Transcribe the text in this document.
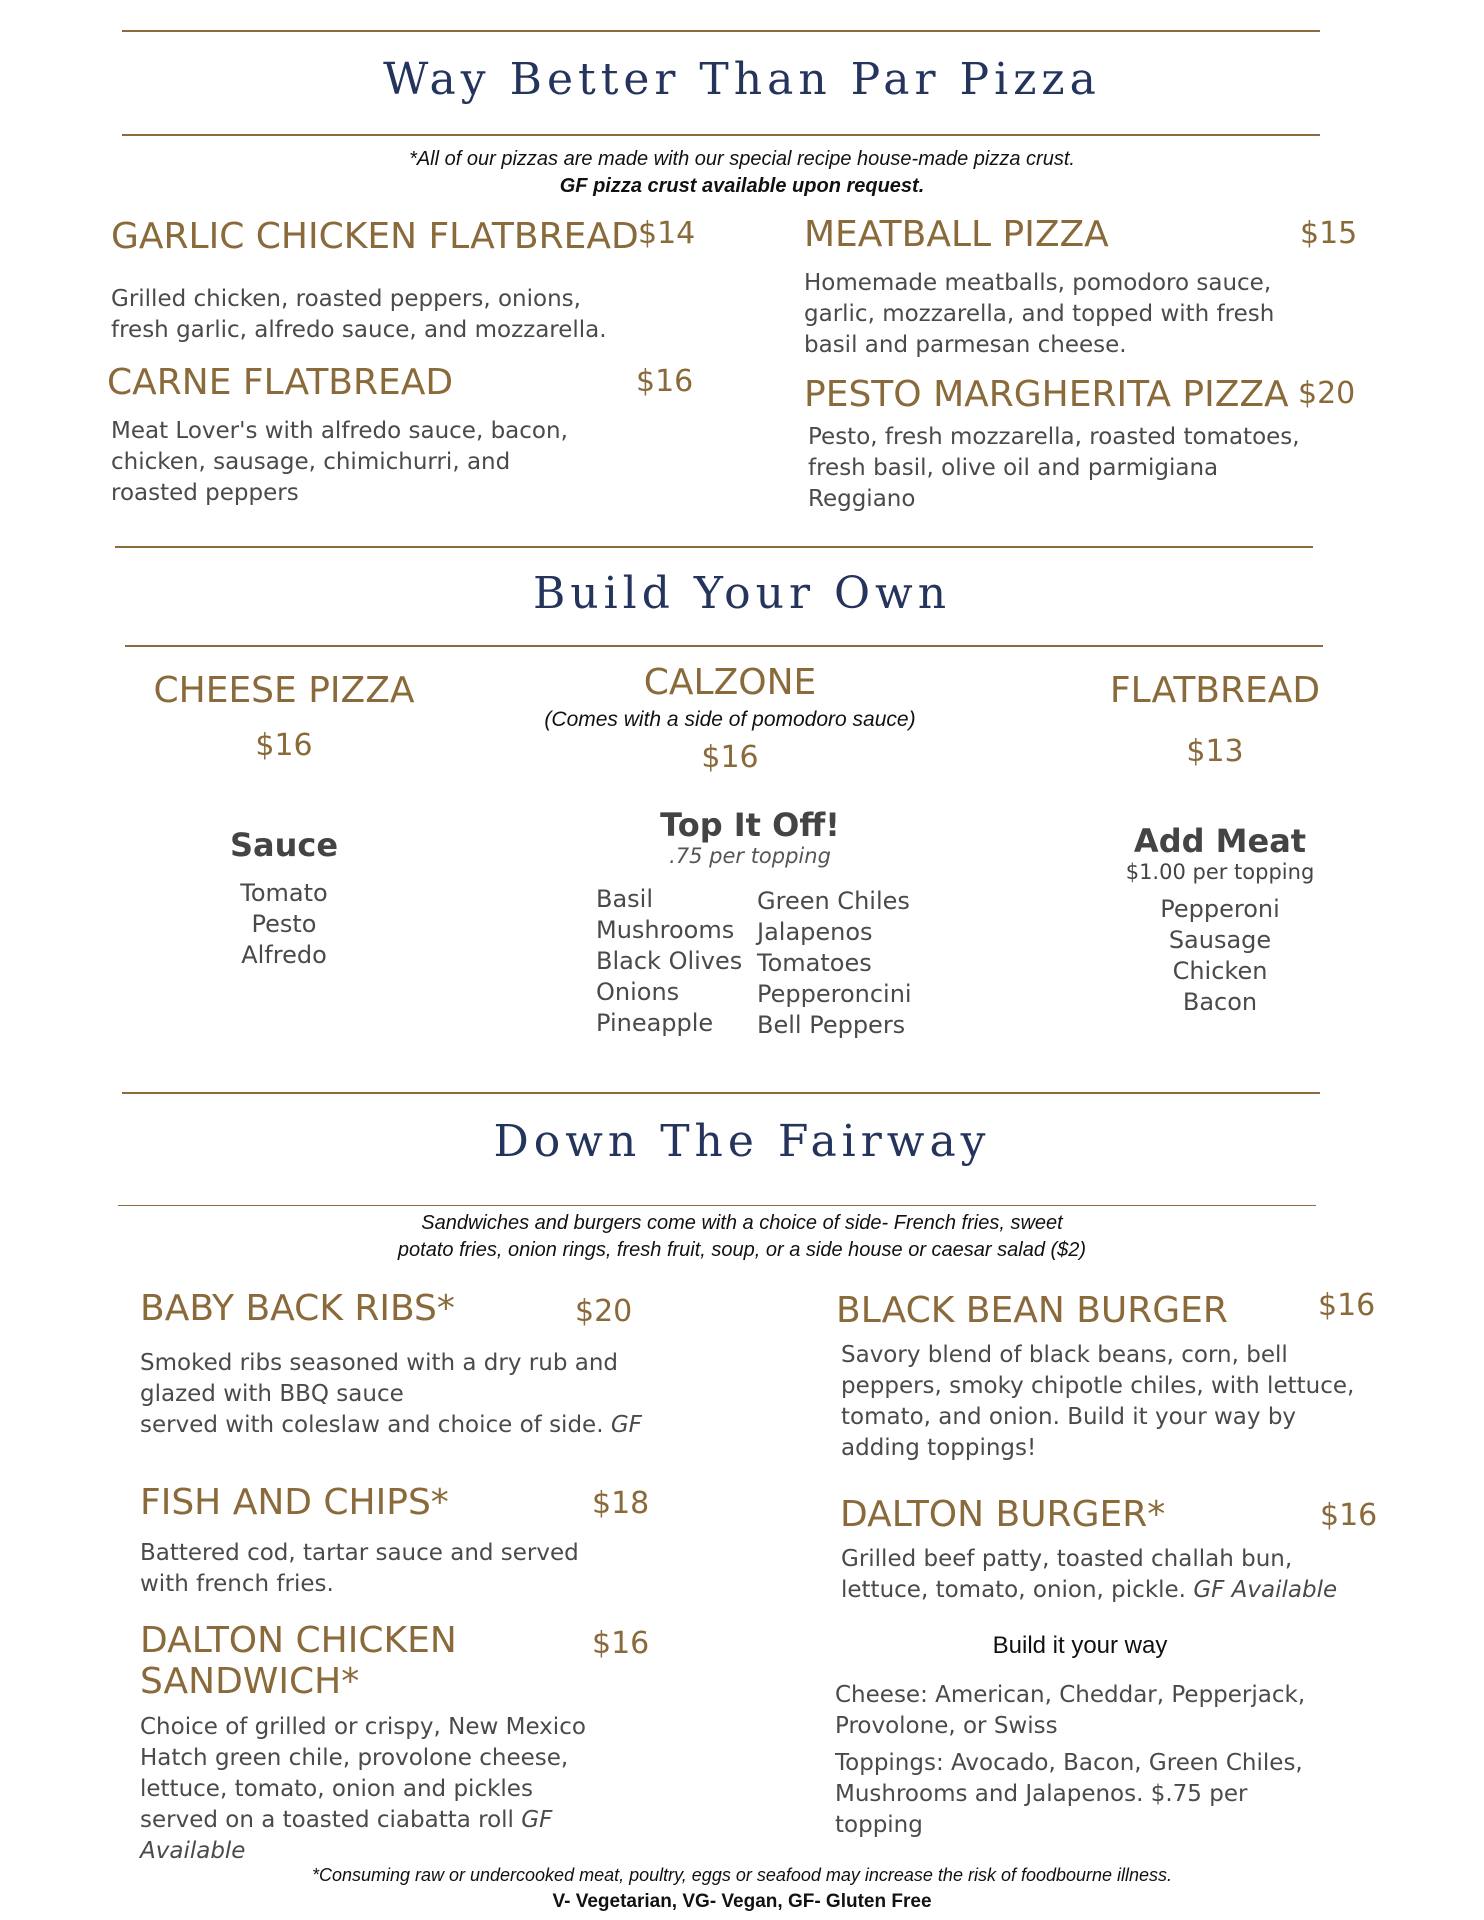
Way Better Than Par Pizza
*All of our pizzas are made with our special recipe house-made pizza crust.
GF pizza crust available upon request.
GARLIC CHICKEN FLATBREAD $14
Grilled chicken, roasted peppers, onions, fresh garlic, alfredo sauce, and mozzarella.
CARNE FLATBREAD	$16
Meat Lover's with alfredo sauce, bacon, chicken, sausage, chimichurri, and roasted peppers
MEATBALL PIZZA	$15
Homemade meatballs, pomodoro sauce, garlic, mozzarella, and topped with fresh basil and parmesan cheese.
PESTO MARGHERITA PIZZA $20
Pesto, fresh mozzarella, roasted tomatoes, fresh basil, olive oil and parmigiana Reggiano
Build Your Own
CHEESE PIZZA
$16
CALZONE
(Comes with a side of pomodoro sauce)
$16
FLATBREAD
$13
Sauce
Tomato
Pesto
Alfredo
Top It Off!
.75 per topping
Basil
Mushrooms
Black Olives
Onions
Pineapple
Green Chiles
Jalapenos
Tomatoes
Pepperoncini
Bell Peppers
Add Meat
$1.00 per topping
Pepperoni
Sausage
Chicken
Bacon
Down The Fairway
Sandwiches and burgers come with a choice of side- French fries, sweet
potato fries, onion rings, fresh fruit, soup, or a side house or caesar salad ($2)
BABY BACK RIBS*	$20
Smoked ribs seasoned with a dry rub and
glazed with BBQ sauce
served with coleslaw and choice of side. GF
FISH AND CHIPS*	$18
Battered cod, tartar sauce and served with french fries.
DALTON CHICKEN
SANDWICH*
$16
Choice of grilled or crispy, New Mexico Hatch green chile, provolone cheese, lettuce, tomato, onion and pickles served on a toasted ciabatta roll GF Available
BLACK BEAN BURGER	$16
Savory blend of black beans, corn, bell peppers, smoky chipotle chiles, with lettuce, tomato, and onion. Build it your way by adding toppings!
DALTON BURGER*	$16
Grilled beef patty, toasted challah bun, lettuce, tomato, onion, pickle. GF Available
Build it your way
Cheese: American, Cheddar, Pepperjack, Provolone, or Swiss
Toppings: Avocado, Bacon, Green Chiles, Mushrooms and Jalapenos. $.75 per topping
*Consuming raw or undercooked meat, poultry, eggs or seafood may increase the risk of foodbourne illness.
V- Vegetarian, VG- Vegan, GF- Gluten Free
